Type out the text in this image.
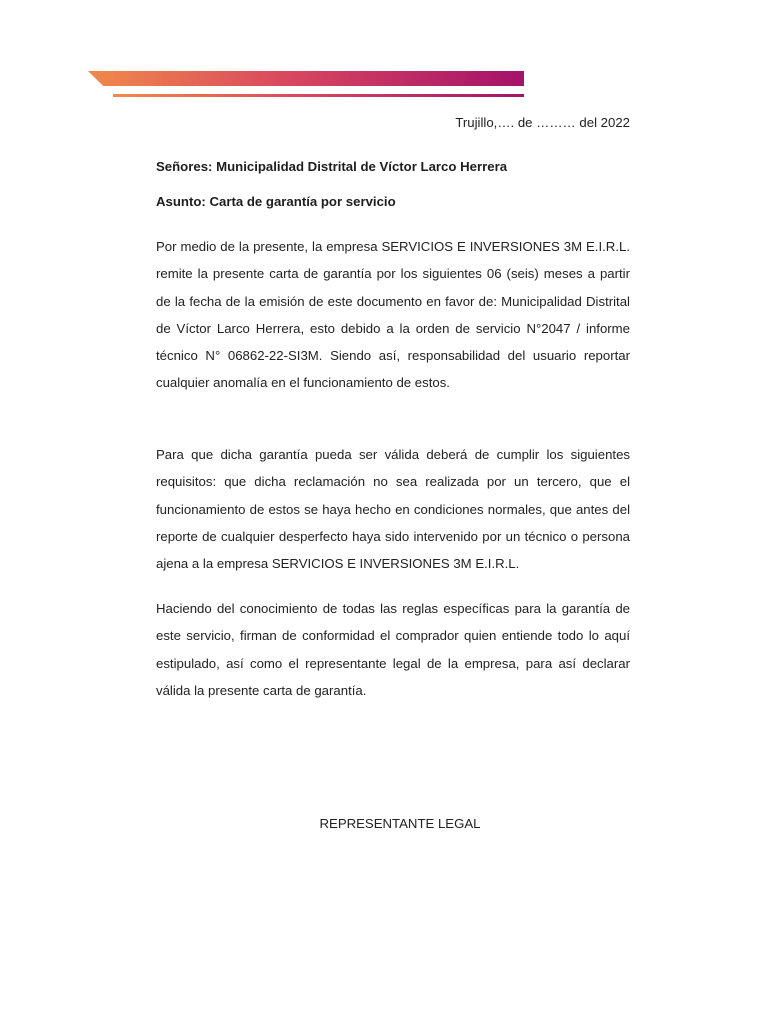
Trujillo,…. de ……… del 2022
Señores: Municipalidad Distrital de Víctor Larco Herrera
Asunto: Carta de garantía por servicio

Por medio de la presente, la empresa SERVICIOS E INVERSIONES 3M E.I.R.L. remite la presente carta de garantía por los siguientes 06 (seis) meses a partir de la fecha de la emisión de este documento en favor de: Municipalidad Distrital de Víctor Larco Herrera, esto debido a la orden de servicio N°2047 / informe técnico N° 06862-22-SI3M. Siendo así, responsabilidad del usuario reportar cualquier anomalía en el funcionamiento de estos.

Para que dicha garantía pueda ser válida deberá de cumplir los siguientes requisitos: que dicha reclamación no sea realizada por un tercero, que el funcionamiento de estos se haya hecho en condiciones normales, que antes del reporte de cualquier desperfecto haya sido intervenido por un técnico o persona ajena a la empresa SERVICIOS E INVERSIONES 3M E.I.R.L.

Haciendo del conocimiento de todas las reglas específicas para la garantía de este servicio, firman de conformidad el comprador quien entiende todo lo aquí estipulado, así como el representante legal de la empresa, para así declarar válida la presente carta de garantía.

REPRESENTANTE LEGAL
